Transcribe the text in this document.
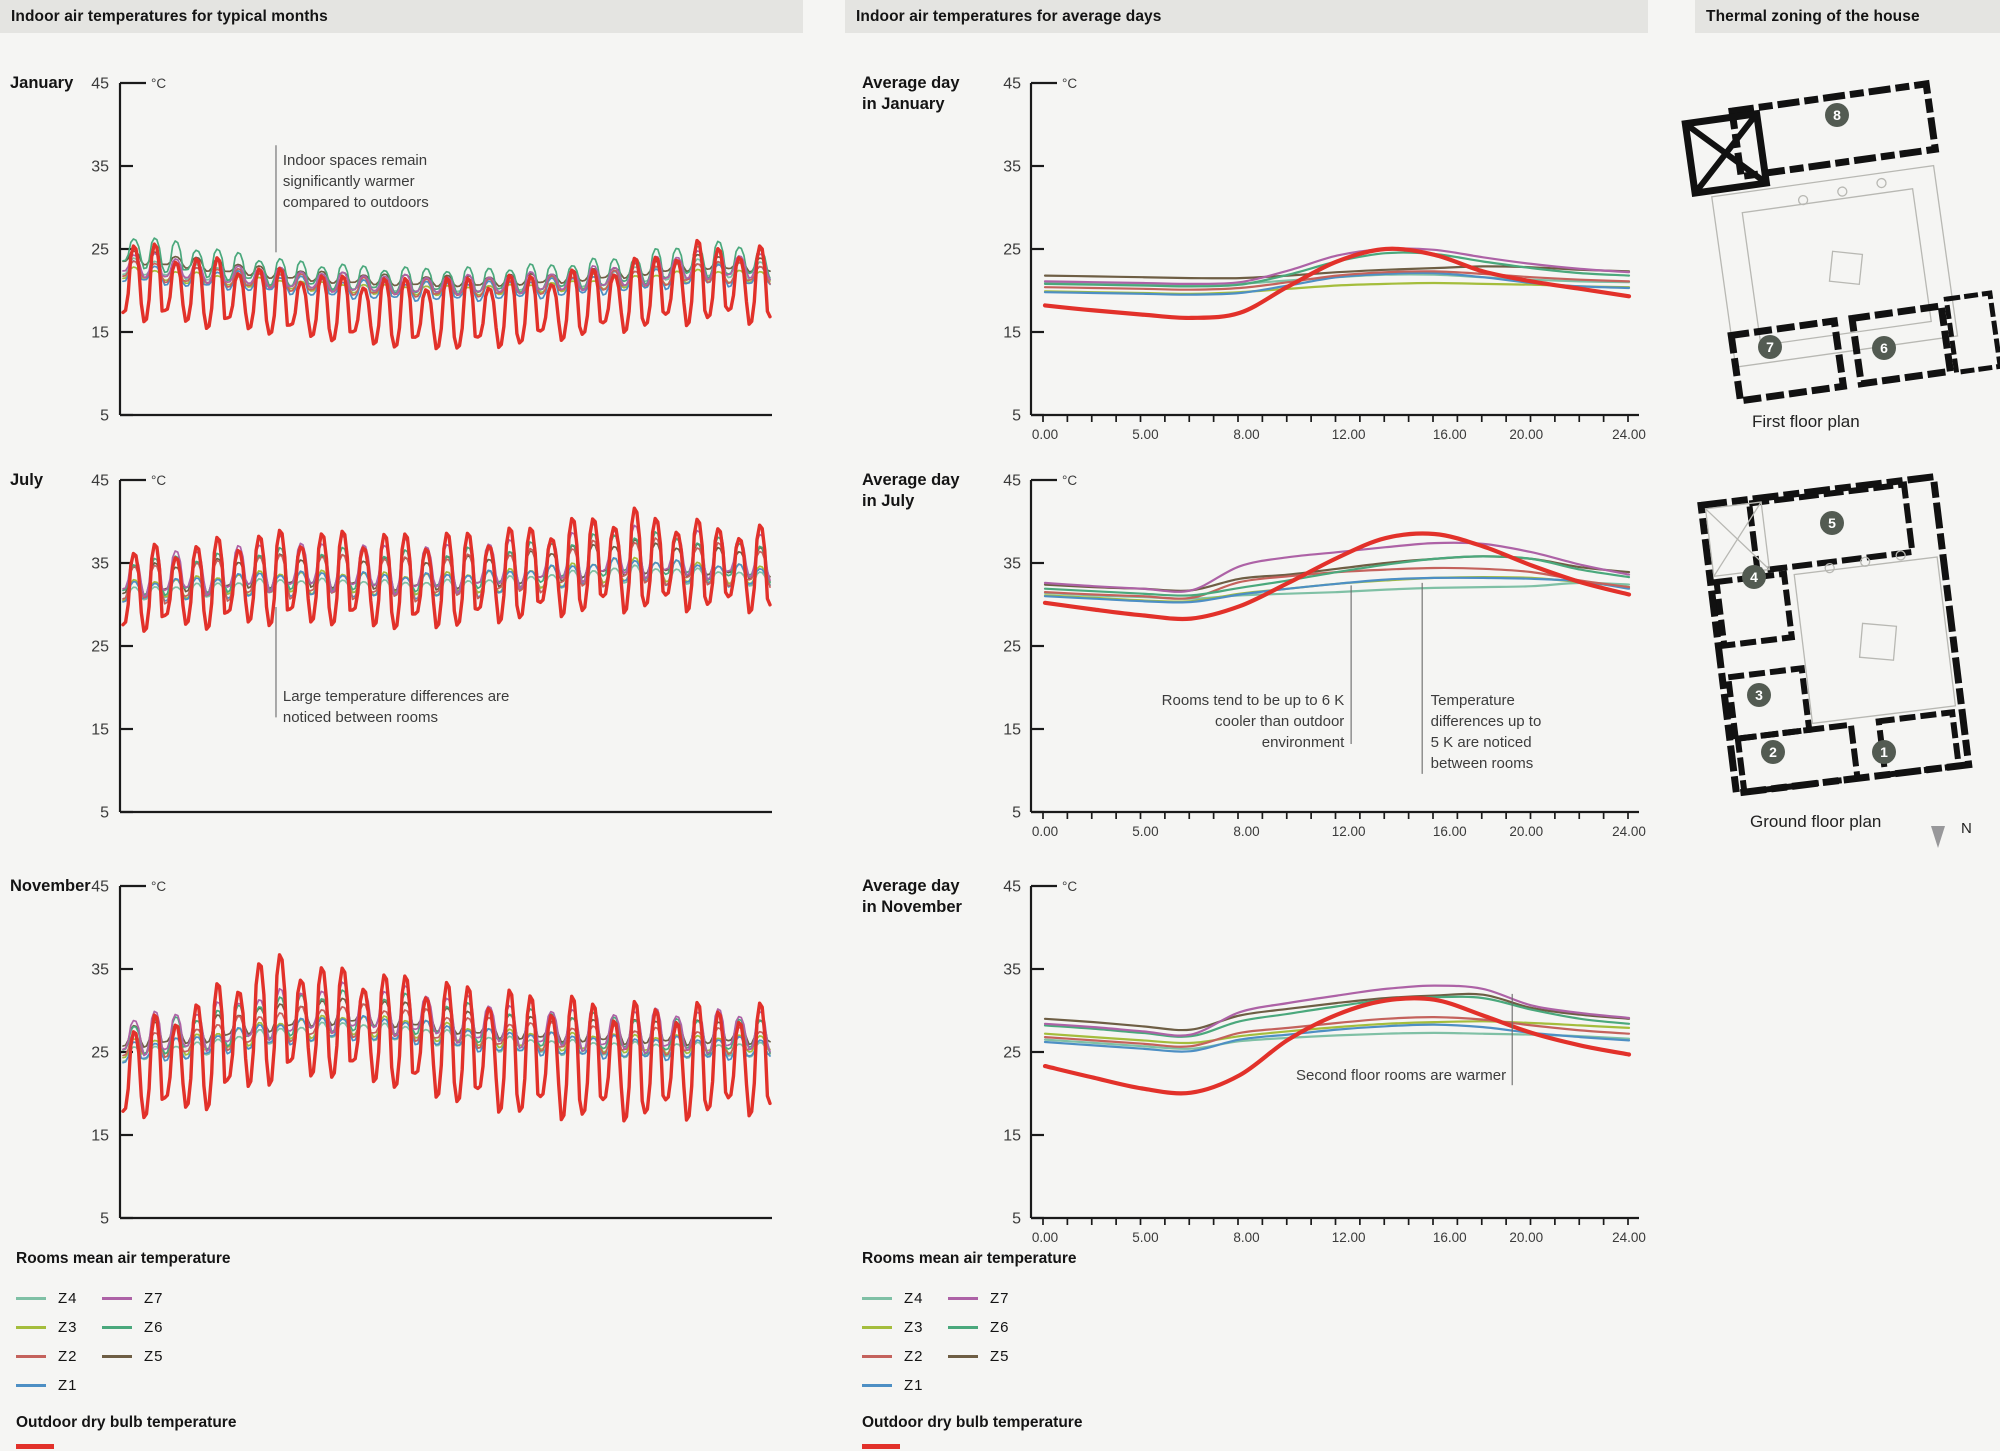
Indoor air temperatures for typical months	Indoor air temperatures for average days	Thermal zoning of the house
January
July
November
Average day
in January
Average day
in July
Average day
in November
45
35
25
15
5
°C
Indoor spaces remain significantly warmer compared to outdoors
45
35
25
15
5
°C
Large temperature differences are noticed between rooms
45
35
25
15
5
°C
45
35
25
15
5
°C
0.00	5.00	8.00	12.00	16.00	20.00	24.00
45
35
25
15
5
°C
0.00	5.00	8.00	12.00	16.00	20.00	24.00
Rooms tend to be up to 6 K cooler than outdoor environment
Temperature differences up to 5 K are noticed between rooms
45
35
25
15
5
°C
0.00	5.00	8.00	12.00	16.00	20.00	24.00
Second floor rooms are warmer
Rooms mean air temperature
Z4
Z3
Z2
Z1
Z7
Z6
Z5
Outdoor dry bulb temperature
Rooms mean air temperature
Z4
Z3
Z2
Z1
Z7
Z6
Z5
Outdoor dry bulb temperature
8
7	6
First floor plan
5
4
3
2	1
Ground floor plan	N
